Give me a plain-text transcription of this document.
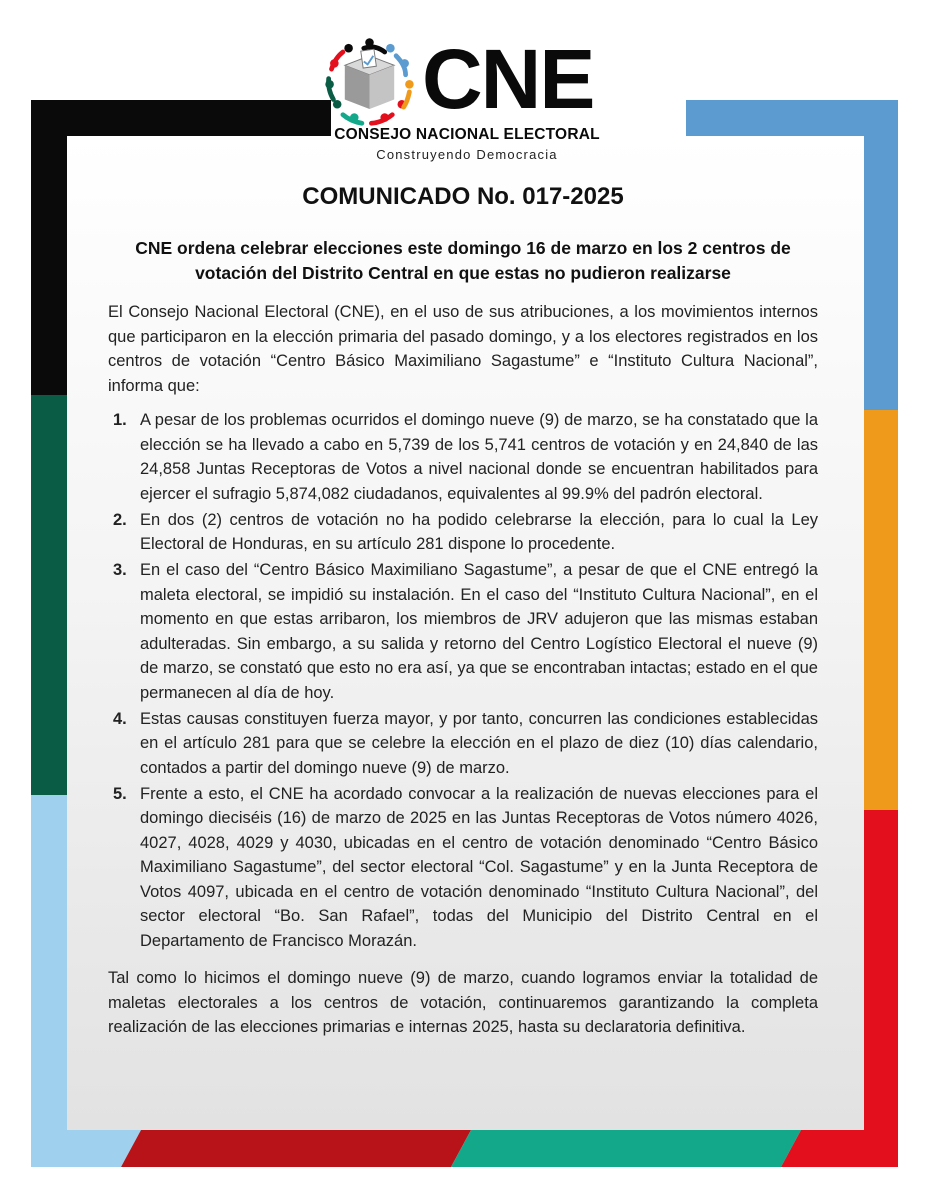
CNE
CONSEJO NACIONAL ELECTORAL
Construyendo Democracia
COMUNICADO No. 017-2025

CNE ordena celebrar elecciones este domingo 16 de marzo en los 2 centros de votación del Distrito Central en que estas no pudieron realizarse

El Consejo Nacional Electoral (CNE), en el uso de sus atribuciones, a los movimientos internos que participaron en la elección primaria del pasado domingo, y a los electores registrados en los centros de votación “Centro Básico Maximiliano Sagastume” e “Instituto Cultura Nacional”, informa que:

1. A pesar de los problemas ocurridos el domingo nueve (9) de marzo, se ha constatado que la elección se ha llevado a cabo en 5,739 de los 5,741 centros de votación y en 24,840 de las 24,858 Juntas Receptoras de Votos a nivel nacional donde se encuentran habilitados para ejercer el sufragio 5,874,082 ciudadanos, equivalentes al 99.9% del padrón electoral.
2. En dos (2) centros de votación no ha podido celebrarse la elección, para lo cual la Ley Electoral de Honduras, en su artículo 281 dispone lo procedente.
3. En el caso del “Centro Básico Maximiliano Sagastume”, a pesar de que el CNE entregó la maleta electoral, se impidió su instalación. En el caso del “Instituto Cultura Nacional”, en el momento en que estas arribaron, los miembros de JRV adujeron que las mismas estaban adulteradas. Sin embargo, a su salida y retorno del Centro Logístico Electoral el nueve (9) de marzo, se constató que esto no era así, ya que se encontraban intactas; estado en el que permanecen al día de hoy.
4. Estas causas constituyen fuerza mayor, y por tanto, concurren las condiciones establecidas en el artículo 281 para que se celebre la elección en el plazo de diez (10) días calendario, contados a partir del domingo nueve (9) de marzo.
5. Frente a esto, el CNE ha acordado convocar a la realización de nuevas elecciones para el domingo dieciséis (16) de marzo de 2025 en las Juntas Receptoras de Votos número 4026, 4027, 4028, 4029 y 4030, ubicadas en el centro de votación denominado “Centro Básico Maximiliano Sagastume”, del sector electoral “Col. Sagastume” y en la Junta Receptora de Votos 4097, ubicada en el centro de votación denominado “Instituto Cultura Nacional”, del sector electoral “Bo. San Rafael”, todas del Municipio del Distrito Central en el Departamento de Francisco Morazán.

Tal como lo hicimos el domingo nueve (9) de marzo, cuando logramos enviar la totalidad de maletas electorales a los centros de votación, continuaremos garantizando la completa realización de las elecciones primarias e internas 2025, hasta su declaratoria definitiva.
